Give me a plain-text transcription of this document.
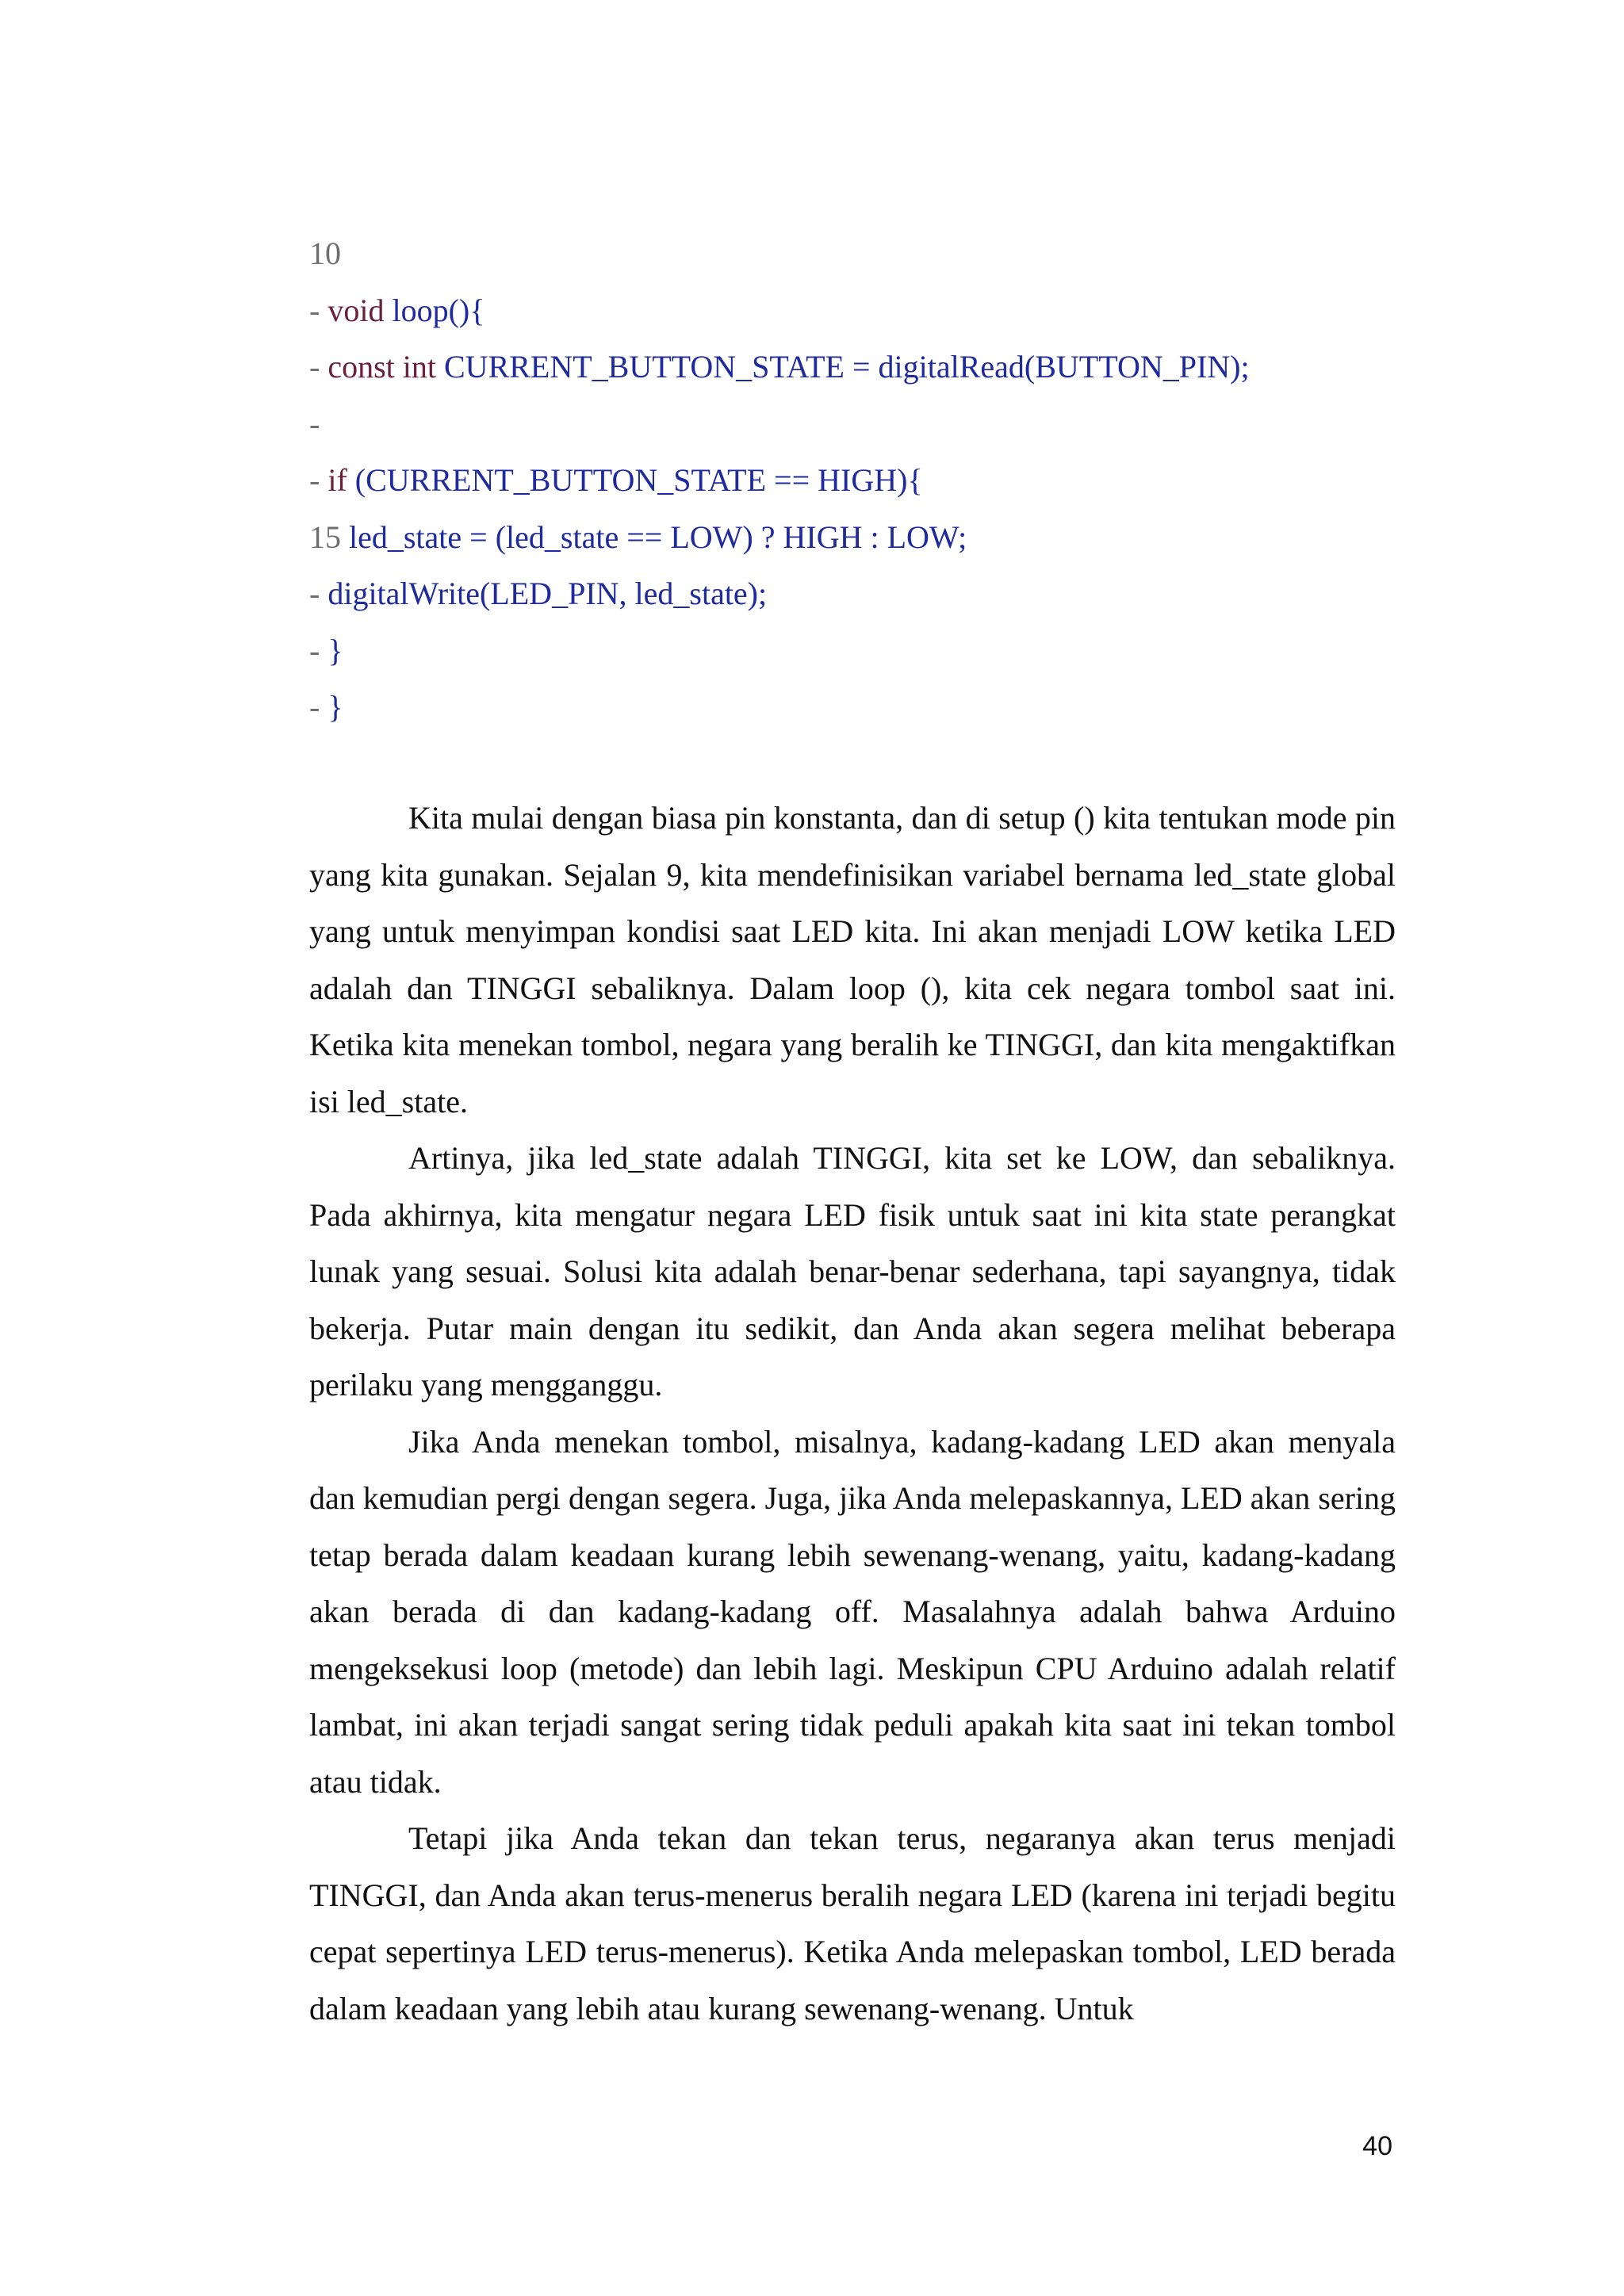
10
- void loop(){
- const int CURRENT_BUTTON_STATE = digitalRead(BUTTON_PIN);
-
- if (CURRENT_BUTTON_STATE == HIGH){
15 led_state = (led_state == LOW) ? HIGH : LOW;
- digitalWrite(LED_PIN, led_state);
- }
- }

Kita mulai dengan biasa pin konstanta, dan di setup () kita tentukan mode pin yang kita gunakan. Sejalan 9, kita mendefinisikan variabel bernama led_state global yang untuk menyimpan kondisi saat LED kita. Ini akan menjadi LOW ketika LED adalah dan TINGGI sebaliknya. Dalam loop (), kita cek negara tombol saat ini. Ketika kita menekan tombol, negara yang beralih ke TINGGI, dan kita mengaktifkan isi led_state.

Artinya, jika led_state adalah TINGGI, kita set ke LOW, dan sebaliknya. Pada akhirnya, kita mengatur negara LED fisik untuk saat ini kita state perangkat lunak yang sesuai. Solusi kita adalah benar-benar sederhana, tapi sayangnya, tidak bekerja. Putar main dengan itu sedikit, dan Anda akan segera melihat beberapa perilaku yang mengganggu.

Jika Anda menekan tombol, misalnya, kadang-kadang LED akan menyala dan kemudian pergi dengan segera. Juga, jika Anda melepaskannya, LED akan sering tetap berada dalam keadaan kurang lebih sewenang-wenang, yaitu, kadang-kadang akan berada di dan kadang-kadang off. Masalahnya adalah bahwa Arduino mengeksekusi loop (metode) dan lebih lagi. Meskipun CPU Arduino adalah relatif lambat, ini akan terjadi sangat sering tidak peduli apakah kita saat ini tekan tombol atau tidak.

Tetapi jika Anda tekan dan tekan terus, negaranya akan terus menjadi TINGGI, dan Anda akan terus-menerus beralih negara LED (karena ini terjadi begitu cepat sepertinya LED terus-menerus). Ketika Anda melepaskan tombol, LED berada dalam keadaan yang lebih atau kurang sewenang-wenang. Untuk

40
